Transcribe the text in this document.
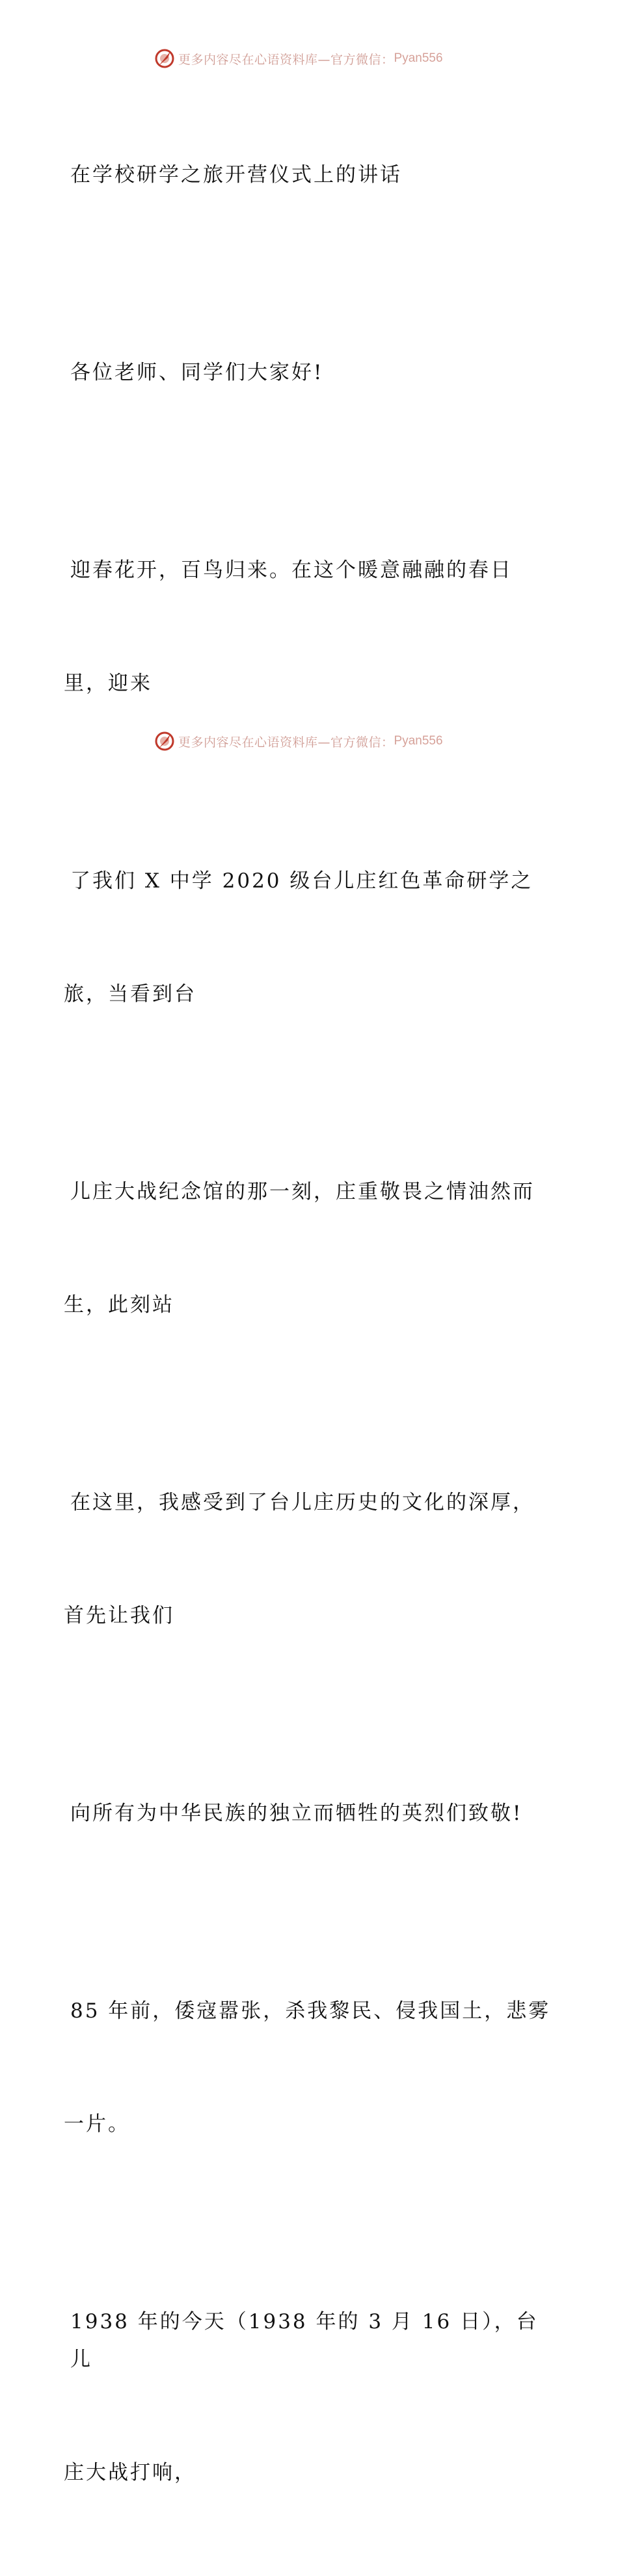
更多内容尽在心语资料库—官方微信： Pyan556

在学校研学之旅开营仪式上的讲话

各位老师、同学们大家好!

迎春花开，百鸟归来。在这个暖意融融的春日

里，迎来

了我们 X 中学 2020 级台儿庄红色革命研学之

旅，当看到台

儿庄大战纪念馆的那一刻，庄重敬畏之情油然而

生，此刻站

在这里，我感受到了台儿庄历史的文化的深厚，

首先让我们

向所有为中华民族的独立而牺牲的英烈们致敬!

85 年前，倭寇嚣张，杀我黎民、侵我国土，悲雾

一片。

1938 年的今天（1938 年的 3 月 16 日），台儿

庄大战打响，

更多内容尽在心语资料库—官方微信： Pyan556
